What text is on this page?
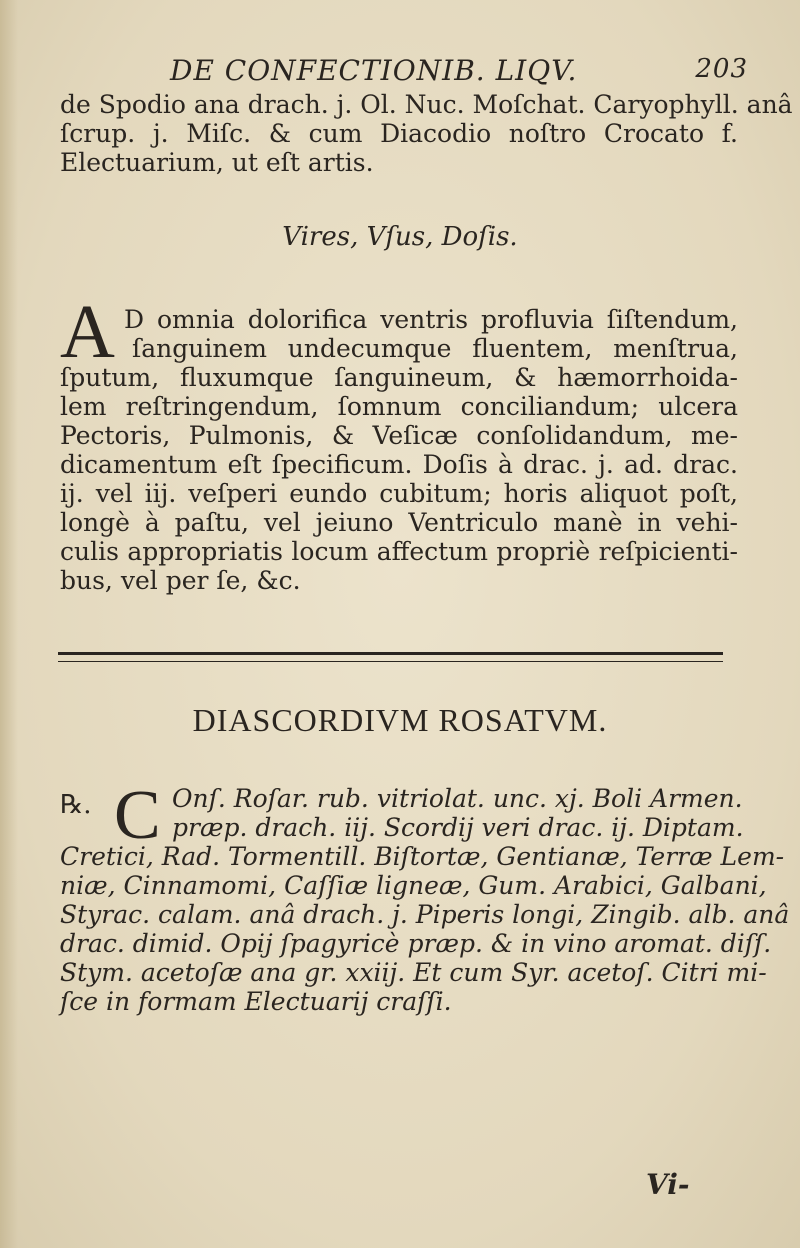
DE CONFECTIONIB. LIQV.	203
de Spodio ana drach. j. Ol. Nuc. Moſchat. Caryophyll. anâ
ſcrup. j. Miſc. & cum Diacodio noſtro Crocato f.
Electuarium, ut eſt artis.
Vires, Vſus, Doſis.
A D omnia dolorifica ventris profluvia ſiſtendum,
ſanguinem undecumque fluentem, menſtrua,
ſputum, fluxumque ſanguineum, & hæmorrhoida-
lem reſtringendum, ſomnum conciliandum; ulcera
Pectoris, Pulmonis, & Veſicæ conſolidandum, me-
dicamentum eſt ſpecificum. Doſis à drac. j. ad. drac.
ij. vel iij. veſperi eundo cubitum; horis aliquot poſt,
longè à paſtu, vel jeiuno Ventriculo manè in vehi-
culis appropriatis locum affectum propriè reſpicienti-
bus, vel per ſe, &c.
DIASCORDIVM ROSATVM.
℞. C Onſ. Roſar. rub. vitriolat. unc. xj. Boli Armen.
præp. drach. iij. Scordij veri drac. ij. Diptam.
Cretici, Rad. Tormentill. Biſtortæ, Gentianæ, Terræ Lem-
niæ, Cinnamomi, Caſſiæ ligneæ, Gum. Arabici, Galbani,
Styrac. calam. anâ drach. j. Piperis longi, Zingib. alb. anâ
drac. dimid. Opij ſpagyricè præp. & in vino aromat. diſſ.
Stym. acetoſæ ana gr. xxiij. Et cum Syr. acetoſ. Citri mi-
ſce in formam Electuarij craſſi.
Vi-
